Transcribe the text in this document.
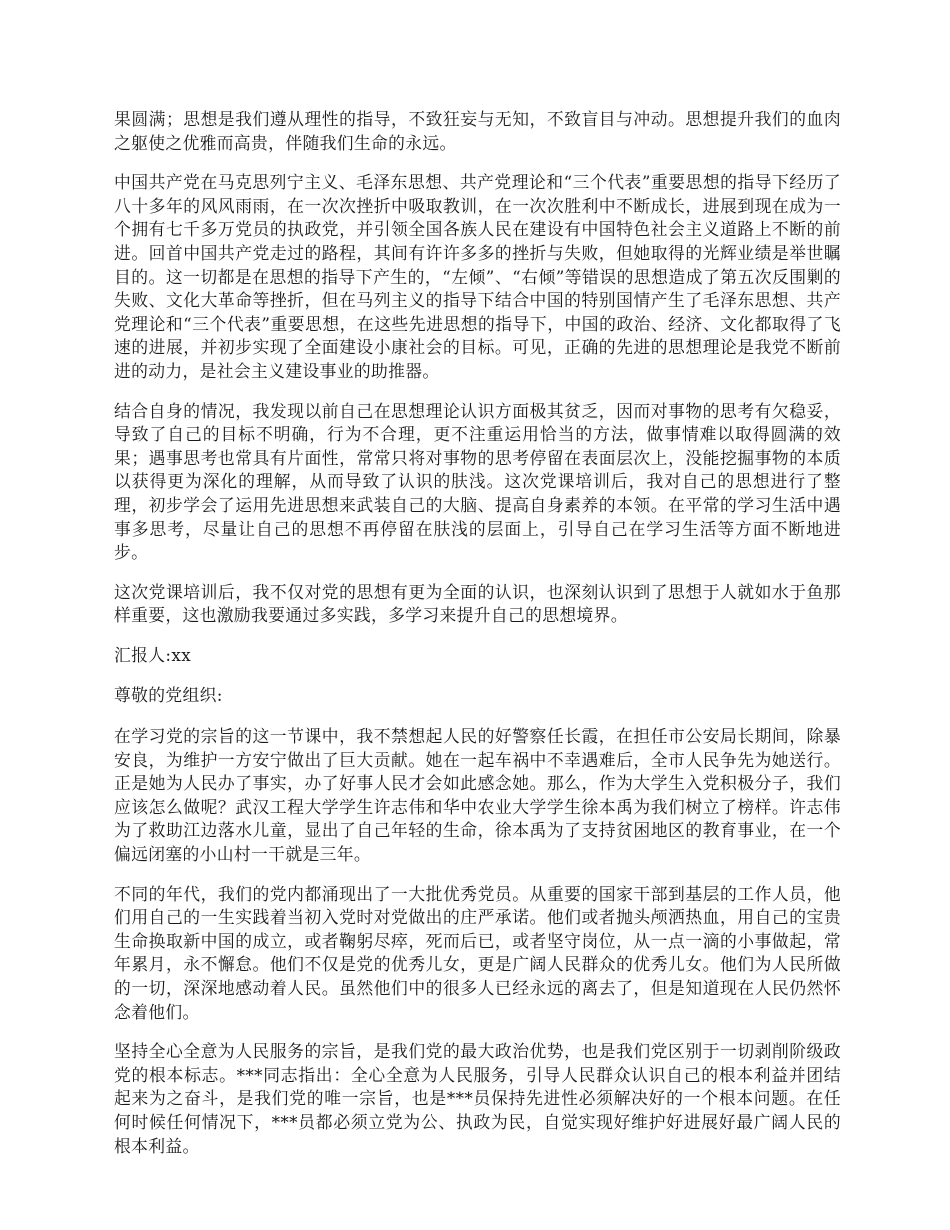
果圆满；思想是我们遵从理性的指导，不致狂妄与无知，不致盲目与冲动。思想提升我们的血肉之躯使之优雅而高贵，伴随我们生命的永远。

中国共产党在马克思列宁主义、毛泽东思想、共产党理论和“三个代表”重要思想的指导下经历了八十多年的风风雨雨，在一次次挫折中吸取教训，在一次次胜利中不断成长，进展到现在成为一个拥有七千多万党员的执政党，并引领全国各族人民在建设有中国特色社会主义道路上不断的前进。回首中国共产党走过的路程，其间有许许多多的挫折与失败，但她取得的光辉业绩是举世瞩目的。这一切都是在思想的指导下产生的，“左倾”、“右倾”等错误的思想造成了第五次反围剿的失败、文化大革命等挫折，但在马列主义的指导下结合中国的特别国情产生了毛泽东思想、共产党理论和“三个代表”重要思想，在这些先进思想的指导下，中国的政治、经济、文化都取得了飞速的进展，并初步实现了全面建设小康社会的目标。可见，正确的先进的思想理论是我党不断前进的动力，是社会主义建设事业的助推器。

结合自身的情况，我发现以前自己在思想理论认识方面极其贫乏，因而对事物的思考有欠稳妥，导致了自己的目标不明确，行为不合理，更不注重运用恰当的方法，做事情难以取得圆满的效果；遇事思考也常具有片面性，常常只将对事物的思考停留在表面层次上，没能挖掘事物的本质以获得更为深化的理解，从而导致了认识的肤浅。这次党课培训后，我对自己的思想进行了整理，初步学会了运用先进思想来武装自己的大脑、提高自身素养的本领。在平常的学习生活中遇事多思考，尽量让自己的思想不再停留在肤浅的层面上，引导自己在学习生活等方面不断地进步。

这次党课培训后，我不仅对党的思想有更为全面的认识，也深刻认识到了思想于人就如水于鱼那样重要，这也激励我要通过多实践，多学习来提升自己的思想境界。

汇报人:xx

尊敬的党组织:

在学习党的宗旨的这一节课中，我不禁想起人民的好警察任长霞，在担任市公安局长期间，除暴安良，为维护一方安宁做出了巨大贡献。她在一起车祸中不幸遇难后，全市人民争先为她送行。正是她为人民办了事实，办了好事人民才会如此感念她。那么，作为大学生入党积极分子，我们应该怎么做呢？武汉工程大学学生许志伟和华中农业大学学生徐本禹为我们树立了榜样。许志伟为了救助江边落水儿童，显出了自己年轻的生命，徐本禹为了支持贫困地区的教育事业，在一个偏远闭塞的小山村一干就是三年。

不同的年代，我们的党内都涌现出了一大批优秀党员。从重要的国家干部到基层的工作人员，他们用自己的一生实践着当初入党时对党做出的庄严承诺。他们或者抛头颅洒热血，用自己的宝贵生命换取新中国的成立，或者鞠躬尽瘁，死而后已，或者坚守岗位，从一点一滴的小事做起，常年累月，永不懈怠。他们不仅是党的优秀儿女，更是广阔人民群众的优秀儿女。他们为人民所做的一切，深深地感动着人民。虽然他们中的很多人已经永远的离去了，但是知道现在人民仍然怀念着他们。

坚持全心全意为人民服务的宗旨，是我们党的最大政治优势，也是我们党区别于一切剥削阶级政党的根本标志。***同志指出：全心全意为人民服务，引导人民群众认识自己的根本利益并团结起来为之奋斗，是我们党的唯一宗旨，也是***员保持先进性必须解决好的一个根本问题。在任何时候任何情况下，***员都必须立党为公、执政为民，自觉实现好维护好进展好最广阔人民的根本利益。
